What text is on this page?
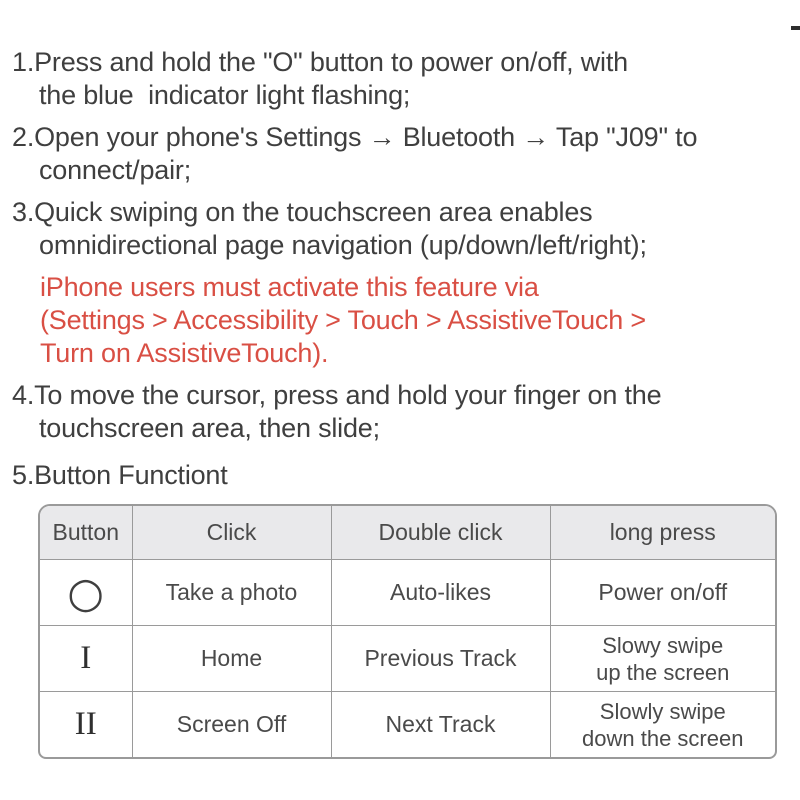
1.Press and hold the "O" button to power on/off, with
the blue  indicator light flashing;
2.Open your phone's Settings → Bluetooth → Tap "J09" to
connect/pair;
3.Quick swiping on the touchscreen area enables
omnidirectional page navigation (up/down/left/right);
iPhone users must activate this feature via
(Settings > Accessibility > Touch > AssistiveTouch >
Turn on AssistiveTouch).
4.To move the cursor, press and hold your finger on the
touchscreen area, then slide;
5.Button Functiont
Button	Click	Double click	long press
○	Take a photo	Auto-likes	Power on/off
I	Home	Previous Track	Slowy swipe
up the screen

II	Screen Off	Next Track	Slowly swipe
down the screen
